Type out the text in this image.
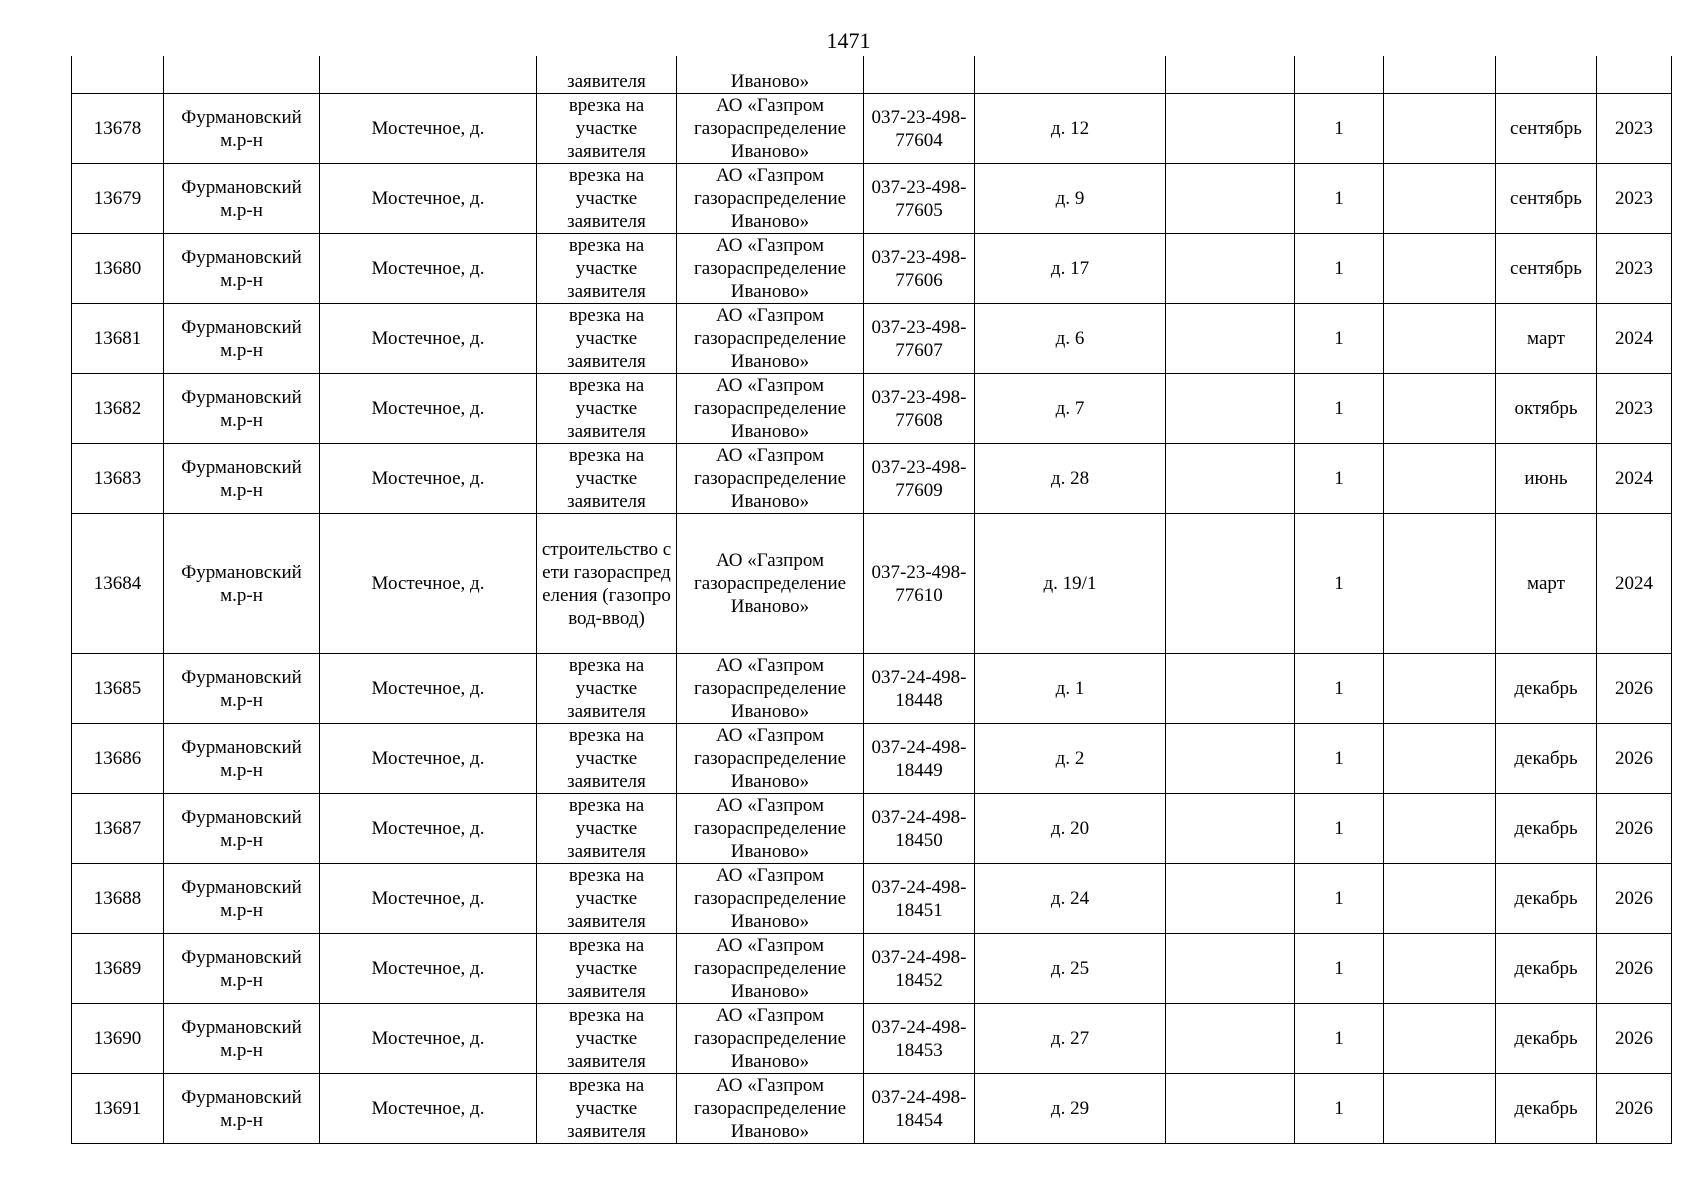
1471
			заявителя	Иваново»							
13678	Фурмановский м.р-н	Мостечное, д.	врезка на участке заявителя	АО «Газпром газораспределение Иваново»	037-23-498-77604	д. 12		1		сентябрь	2023
13679	Фурмановский м.р-н	Мостечное, д.	врезка на участке заявителя	АО «Газпром газораспределение Иваново»	037-23-498-77605	д. 9		1		сентябрь	2023
13680	Фурмановский м.р-н	Мостечное, д.	врезка на участке заявителя	АО «Газпром газораспределение Иваново»	037-23-498-77606	д. 17		1		сентябрь	2023
13681	Фурмановский м.р-н	Мостечное, д.	врезка на участке заявителя	АО «Газпром газораспределение Иваново»	037-23-498-77607	д. 6		1		март	2024
13682	Фурмановский м.р-н	Мостечное, д.	врезка на участке заявителя	АО «Газпром газораспределение Иваново»	037-23-498-77608	д. 7		1		октябрь	2023
13683	Фурмановский м.р-н	Мостечное, д.	врезка на участке заявителя	АО «Газпром газораспределение Иваново»	037-23-498-77609	д. 28		1		июнь	2024
13684	Фурмановский м.р-н	Мостечное, д.	строительство сети газораспределения (газопровод-ввод)	АО «Газпром газораспределение Иваново»	037-23-498-77610	д. 19/1		1		март	2024
13685	Фурмановский м.р-н	Мостечное, д.	врезка на участке заявителя	АО «Газпром газораспределение Иваново»	037-24-498-18448	д. 1		1		декабрь	2026
13686	Фурмановский м.р-н	Мостечное, д.	врезка на участке заявителя	АО «Газпром газораспределение Иваново»	037-24-498-18449	д. 2		1		декабрь	2026
13687	Фурмановский м.р-н	Мостечное, д.	врезка на участке заявителя	АО «Газпром газораспределение Иваново»	037-24-498-18450	д. 20		1		декабрь	2026
13688	Фурмановский м.р-н	Мостечное, д.	врезка на участке заявителя	АО «Газпром газораспределение Иваново»	037-24-498-18451	д. 24		1		декабрь	2026
13689	Фурмановский м.р-н	Мостечное, д.	врезка на участке заявителя	АО «Газпром газораспределение Иваново»	037-24-498-18452	д. 25		1		декабрь	2026
13690	Фурмановский м.р-н	Мостечное, д.	врезка на участке заявителя	АО «Газпром газораспределение Иваново»	037-24-498-18453	д. 27		1		декабрь	2026
13691	Фурмановский м.р-н	Мостечное, д.	врезка на участке заявителя	АО «Газпром газораспределение Иваново»	037-24-498-18454	д. 29		1		декабрь	2026
